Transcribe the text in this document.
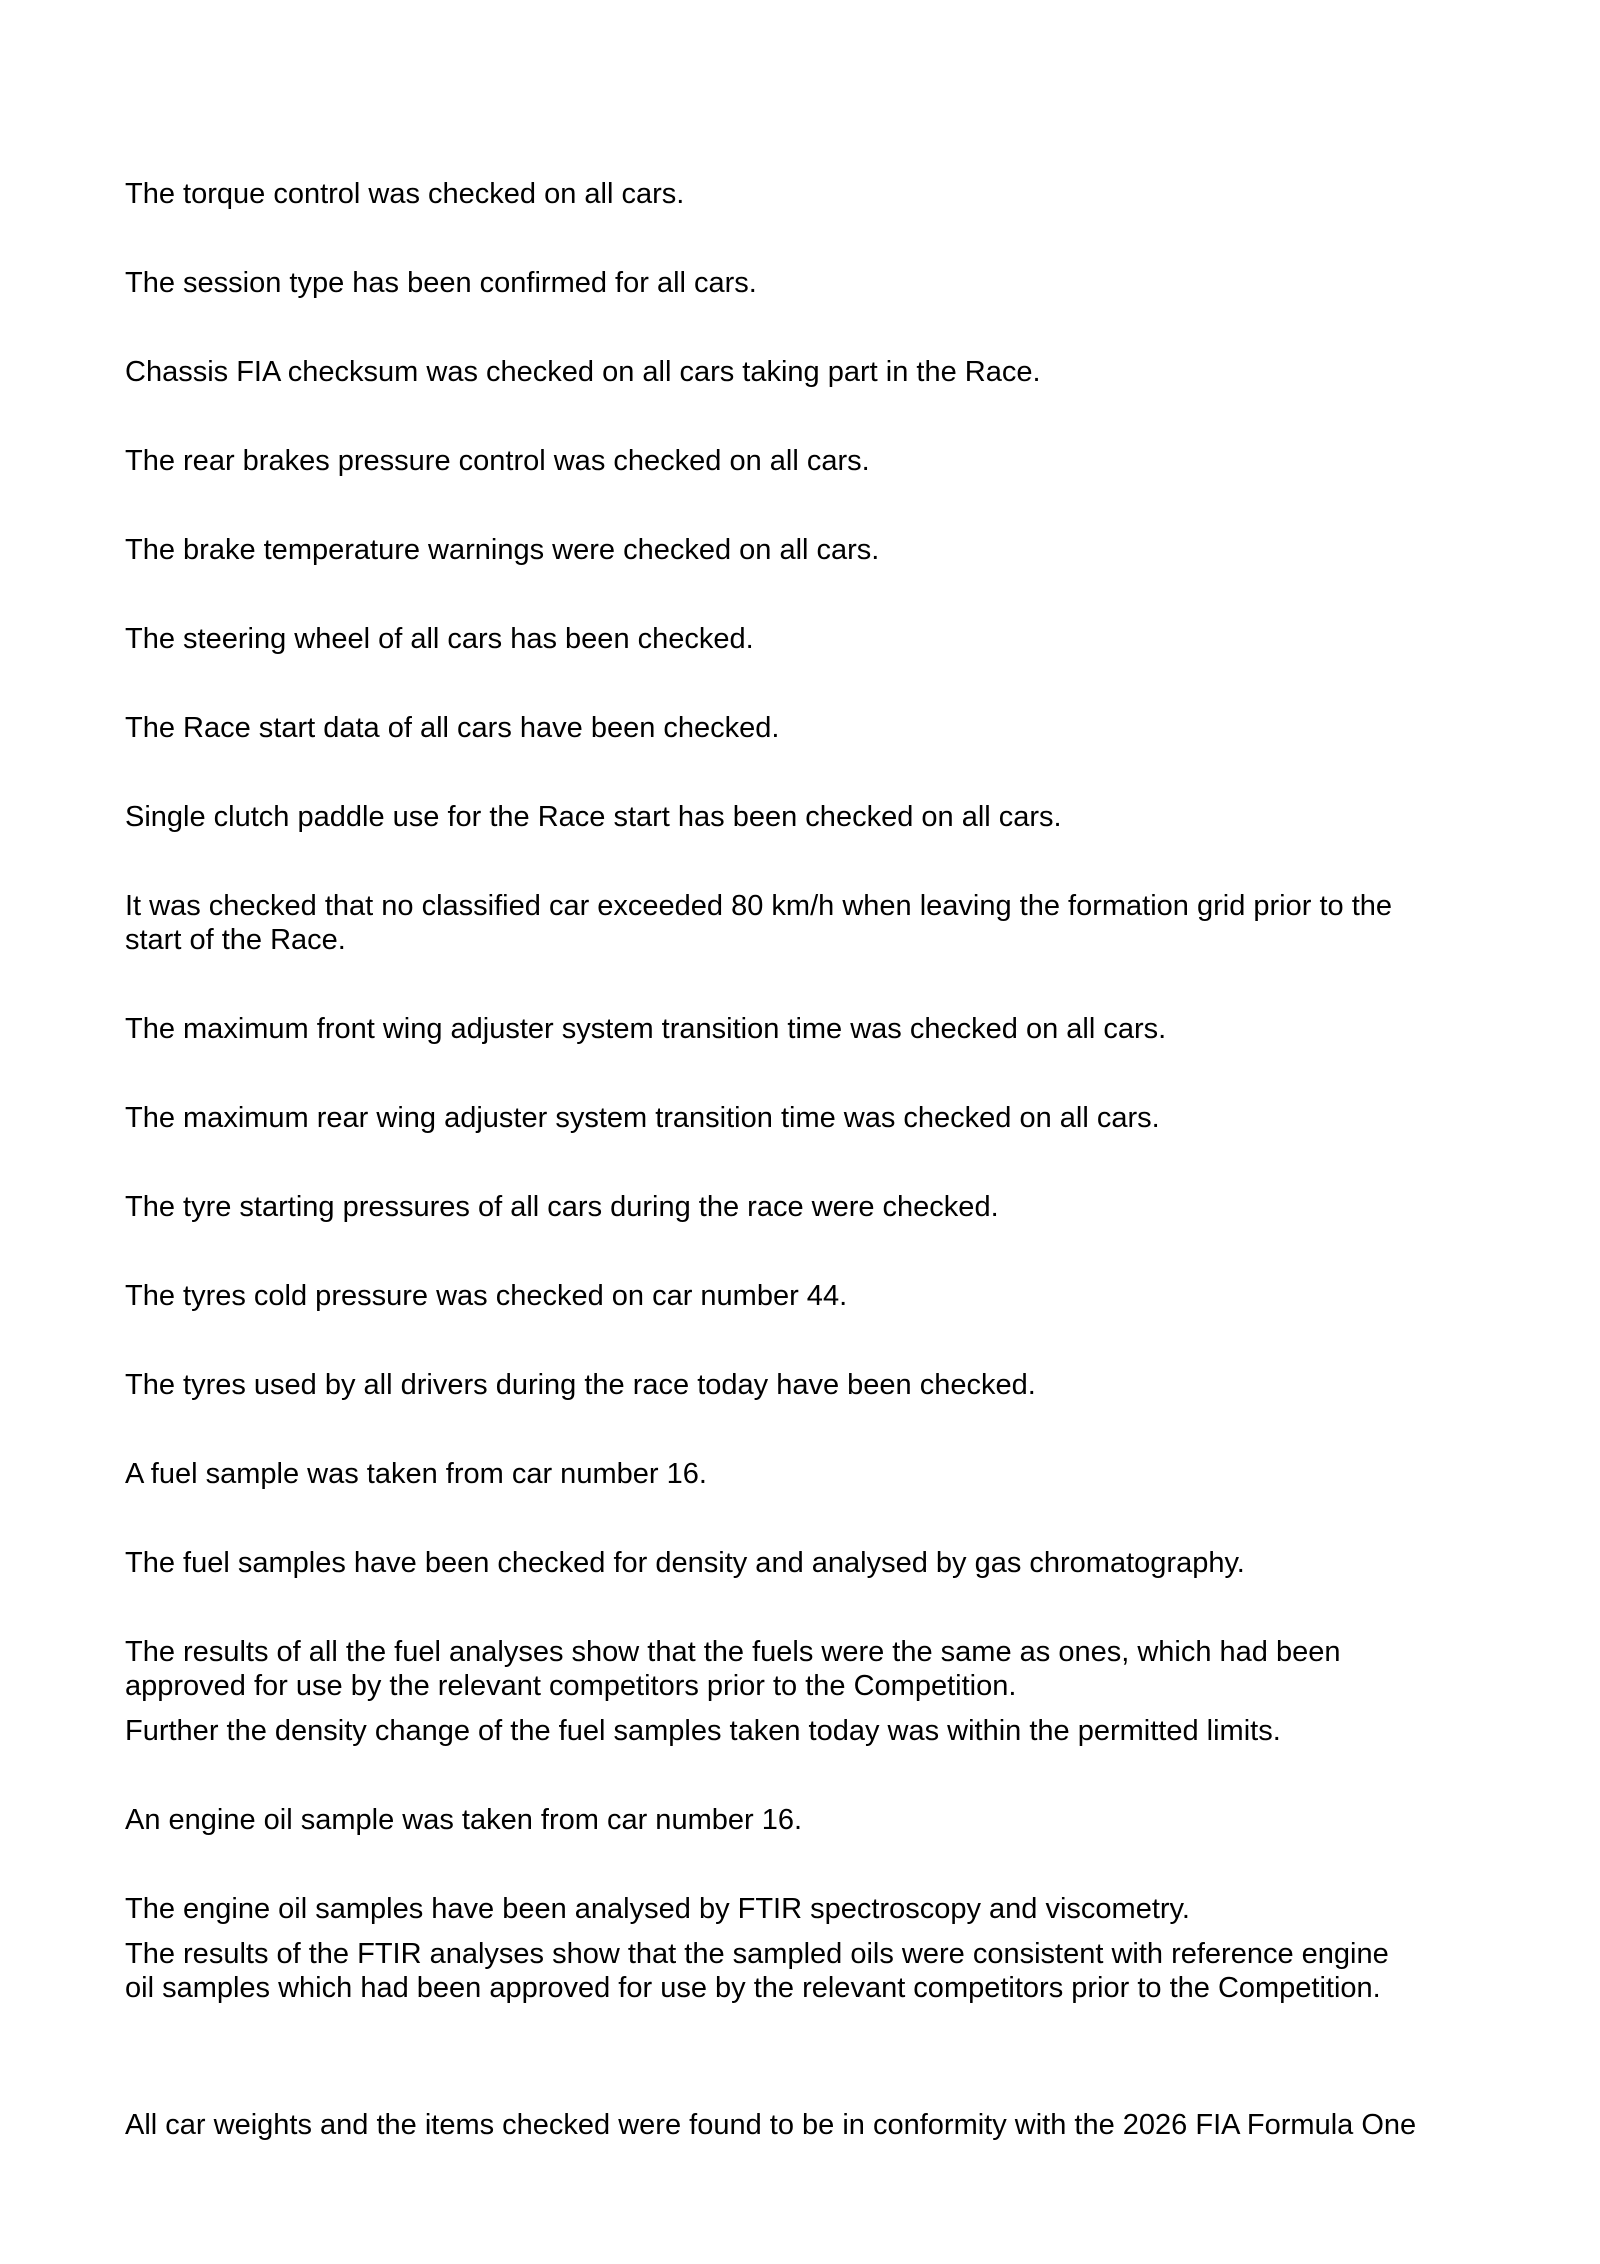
The torque control was checked on all cars.

The session type has been confirmed for all cars.

Chassis FIA checksum was checked on all cars taking part in the Race.

The rear brakes pressure control was checked on all cars.

The brake temperature warnings were checked on all cars.

The steering wheel of all cars has been checked.

The Race start data of all cars have been checked.

Single clutch paddle use for the Race start has been checked on all cars.

It was checked that no classified car exceeded 80 km/h when leaving the formation grid prior to the
start of the Race.

The maximum front wing adjuster system transition time was checked on all cars.

The maximum rear wing adjuster system transition time was checked on all cars.

The tyre starting pressures of all cars during the race were checked.

The tyres cold pressure was checked on car number 44.

The tyres used by all drivers during the race today have been checked.

A fuel sample was taken from car number 16.

The fuel samples have been checked for density and analysed by gas chromatography.

The results of all the fuel analyses show that the fuels were the same as ones, which had been
approved for use by the relevant competitors prior to the Competition.

Further the density change of the fuel samples taken today was within the permitted limits.

An engine oil sample was taken from car number 16.

The engine oil samples have been analysed by FTIR spectroscopy and viscometry.

The results of the FTIR analyses show that the sampled oils were consistent with reference engine
oil samples which had been approved for use by the relevant competitors prior to the Competition.

All car weights and the items checked were found to be in conformity with the 2026 FIA Formula One
